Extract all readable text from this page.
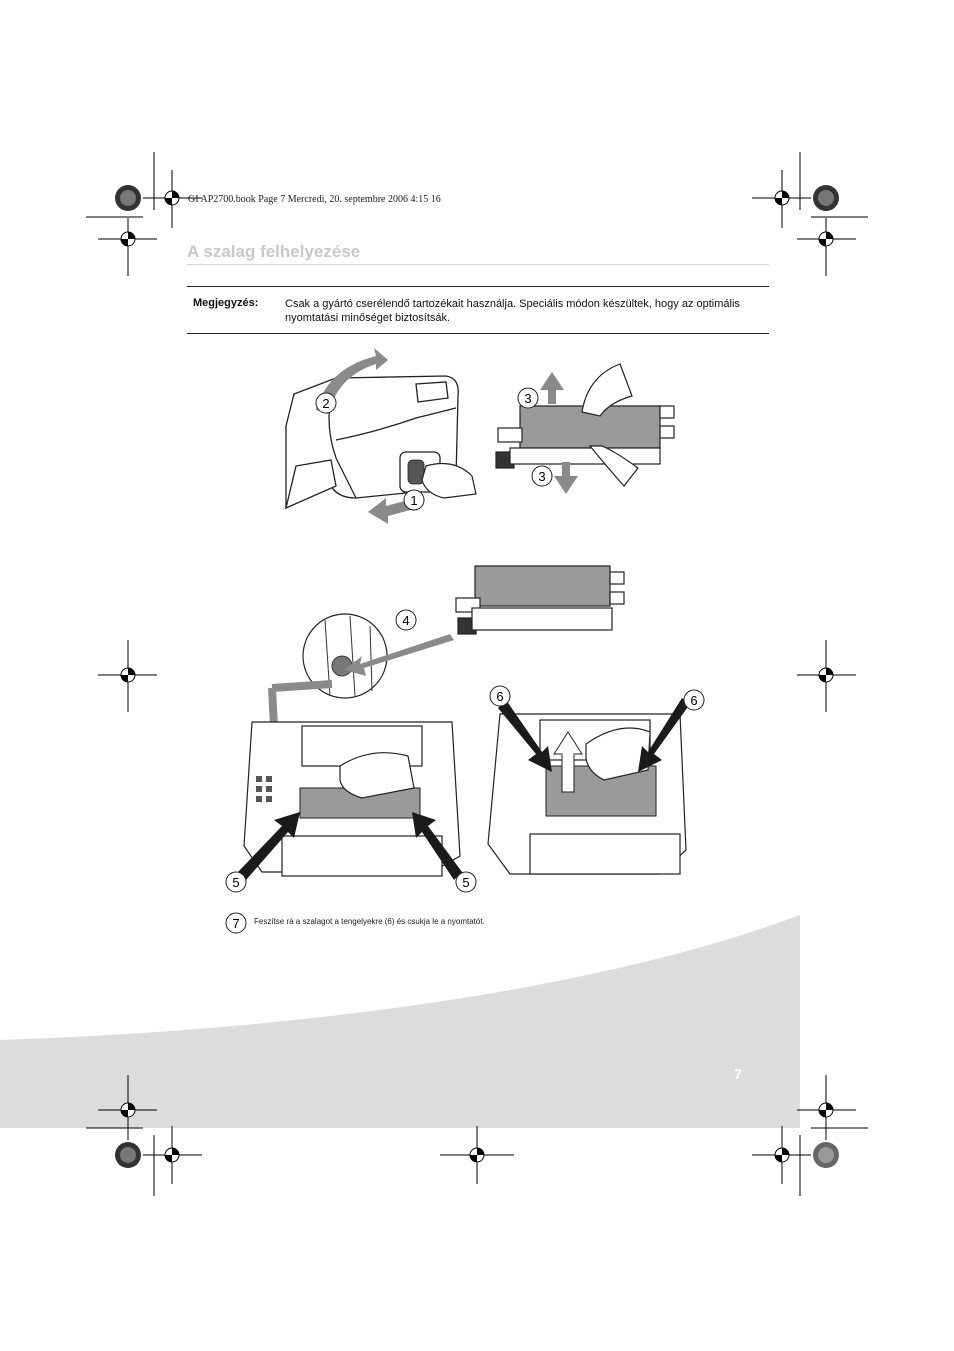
GI AP2700.book Page 7 Mercredi, 20. septembre 2006 4:15 16
A szalag felhelyezése
Megjegyzés: Csak a gyártó cserélendő tartozékait használja. Speciális módon készültek, hogy az optimális nyomtatási minőséget biztosítsák.
2
1
3
3
4
5	5
6	6
7 Feszítse rá a szalagot a tengelyekre (6) és csukja le a nyomtatót.
7
